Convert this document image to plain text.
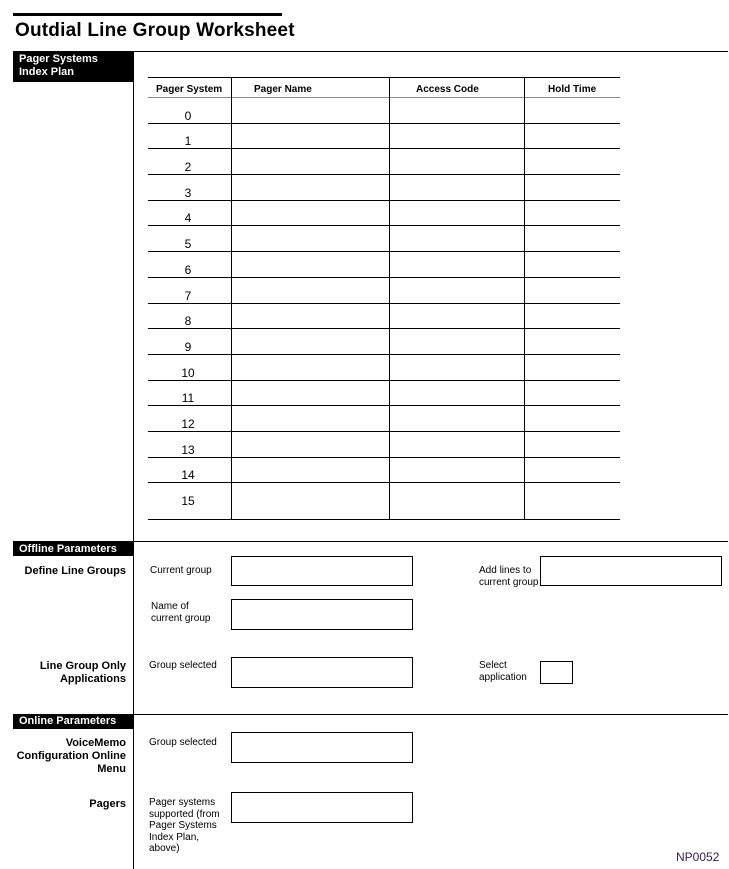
Outdial Line Group Worksheet
Pager Systems Index Plan
Pager System	Pager Name	Access Code	Hold Time
0
1
2
3
4
5
6
7
8
9
10
11
12
13
14
15
Offline Parameters
Define Line Groups Current group	Add lines to current group
Name of current group
Line Group Only Applications
Group selected	Select application
Online Parameters
VoiceMemo Configuration Online Menu
Group selected
Pagers Pager systems supported (from Pager Systems Index Plan, above)
NP0052
